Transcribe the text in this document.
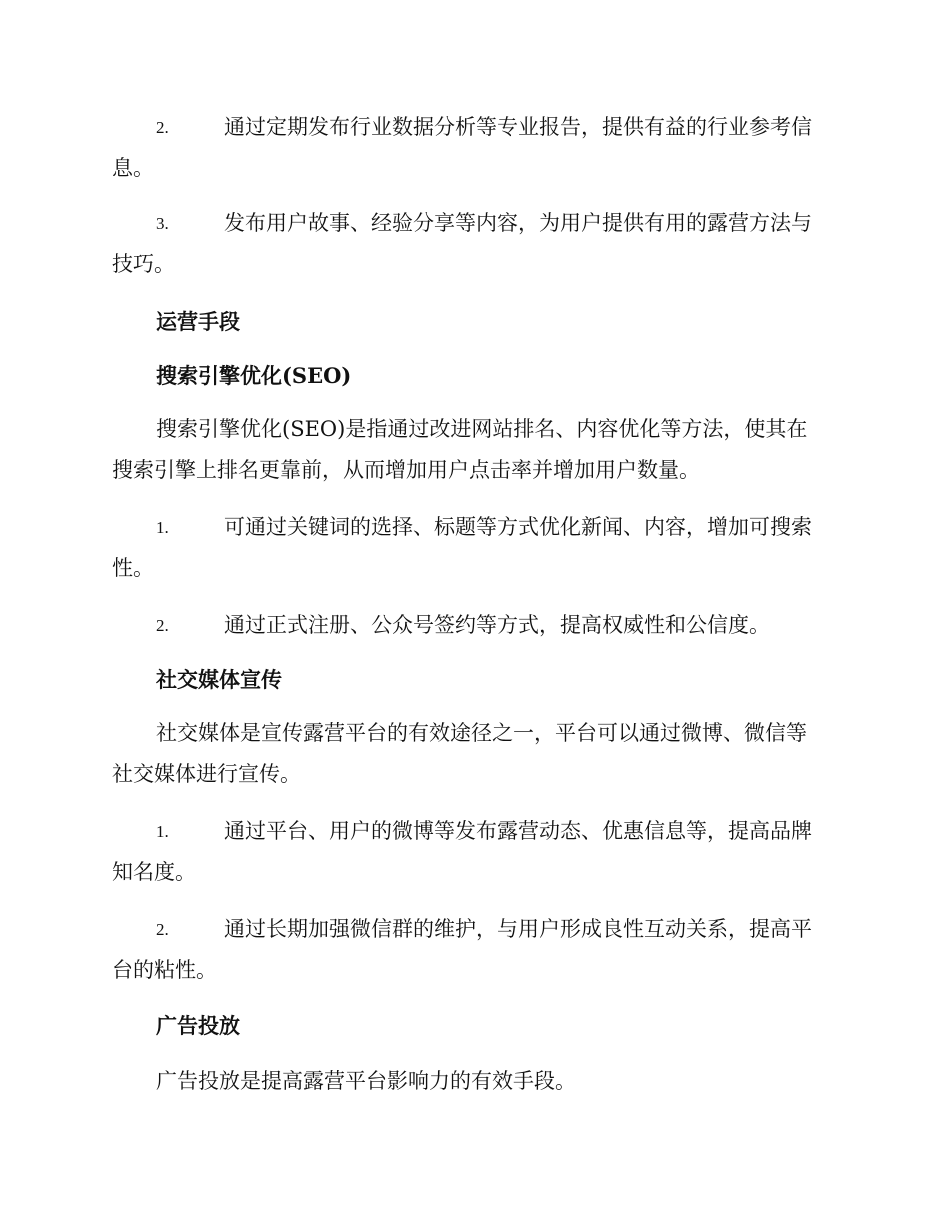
2.	通过定期发布行业数据分析等专业报告，提供有益的行业参考信
息。
3.	发布用户故事、经验分享等内容，为用户提供有用的露营方法与
技巧。
运营手段
搜索引擎优化(SEO)
搜索引擎优化(SEO)是指通过改进网站排名、内容优化等方法，使其在
搜索引擎上排名更靠前，从而增加用户点击率并增加用户数量。
1.	可通过关键词的选择、标题等方式优化新闻、内容，增加可搜索
性。
2.	通过正式注册、公众号签约等方式，提高权威性和公信度。
社交媒体宣传
社交媒体是宣传露营平台的有效途径之一，平台可以通过微博、微信等
社交媒体进行宣传。
1.	通过平台、用户的微博等发布露营动态、优惠信息等，提高品牌
知名度。
2.	通过长期加强微信群的维护，与用户形成良性互动关系，提高平
台的粘性。
广告投放
广告投放是提高露营平台影响力的有效手段。
